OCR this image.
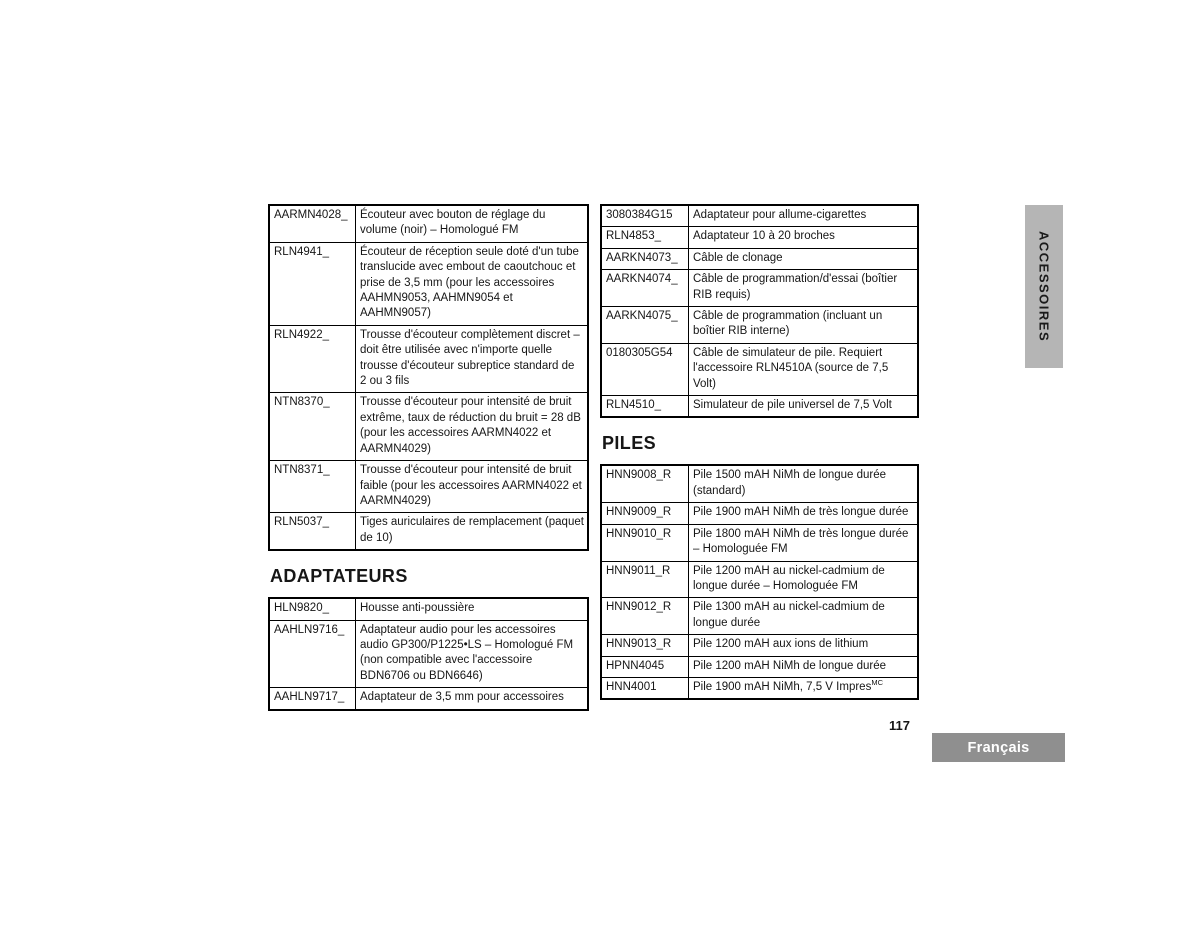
AARMN4028_	Écouteur avec bouton de réglage du volume (noir) – Homologué FM
RLN4941_	Écouteur de réception seule doté d'un tube translucide avec embout de caoutchouc et prise de 3,5 mm (pour les accessoires AAHMN9053, AAHMN9054 et AAHMN9057)
RLN4922_	Trousse d'écouteur complètement discret – doit être utilisée avec n'importe quelle trousse d'écouteur subreptice standard de 2 ou 3 fils
NTN8370_	Trousse d'écouteur pour intensité de bruit extrême, taux de réduction du bruit = 28 dB (pour les accessoires AARMN4022 et AARMN4029)
NTN8371_	Trousse d'écouteur pour intensité de bruit faible (pour les accessoires AARMN4022 et AARMN4029)
RLN5037_	Tiges auriculaires de remplacement (paquet de 10)
ADAPTATEURS
HLN9820_	Housse anti-poussière
AAHLN9716_	Adaptateur audio pour les accessoires audio GP300/P1225•LS – Homologué FM (non compatible avec l'accessoire BDN6706 ou BDN6646)
AAHLN9717_	Adaptateur de 3,5 mm pour accessoires
3080384G15	Adaptateur pour allume-cigarettes
RLN4853_	Adaptateur 10 à 20 broches
AARKN4073_	Câble de clonage
AARKN4074_	Câble de programmation/d'essai (boîtier RIB requis)
AARKN4075_	Câble de programmation (incluant un boîtier RIB interne)
0180305G54	Câble de simulateur de pile. Requiert l'accessoire RLN4510A (source de 7,5 Volt)
RLN4510_	Simulateur de pile universel de 7,5 Volt
PILES
HNN9008_R	Pile 1500 mAH NiMh de longue durée (standard)
HNN9009_R	Pile 1900 mAH NiMh de très longue durée
HNN9010_R	Pile 1800 mAH NiMh de très longue durée – Homologuée FM
HNN9011_R	Pile 1200 mAH au nickel-cadmium de longue durée – Homologuée FM
HNN9012_R	Pile 1300 mAH au nickel-cadmium de longue durée
HNN9013_R	Pile 1200 mAH aux ions de lithium
HPNN4045	Pile 1200 mAH NiMh de longue durée
HNN4001	Pile 1900 mAH NiMh, 7,5 V Impres$^{MC}$
ACCESSOIRES
117
Français
